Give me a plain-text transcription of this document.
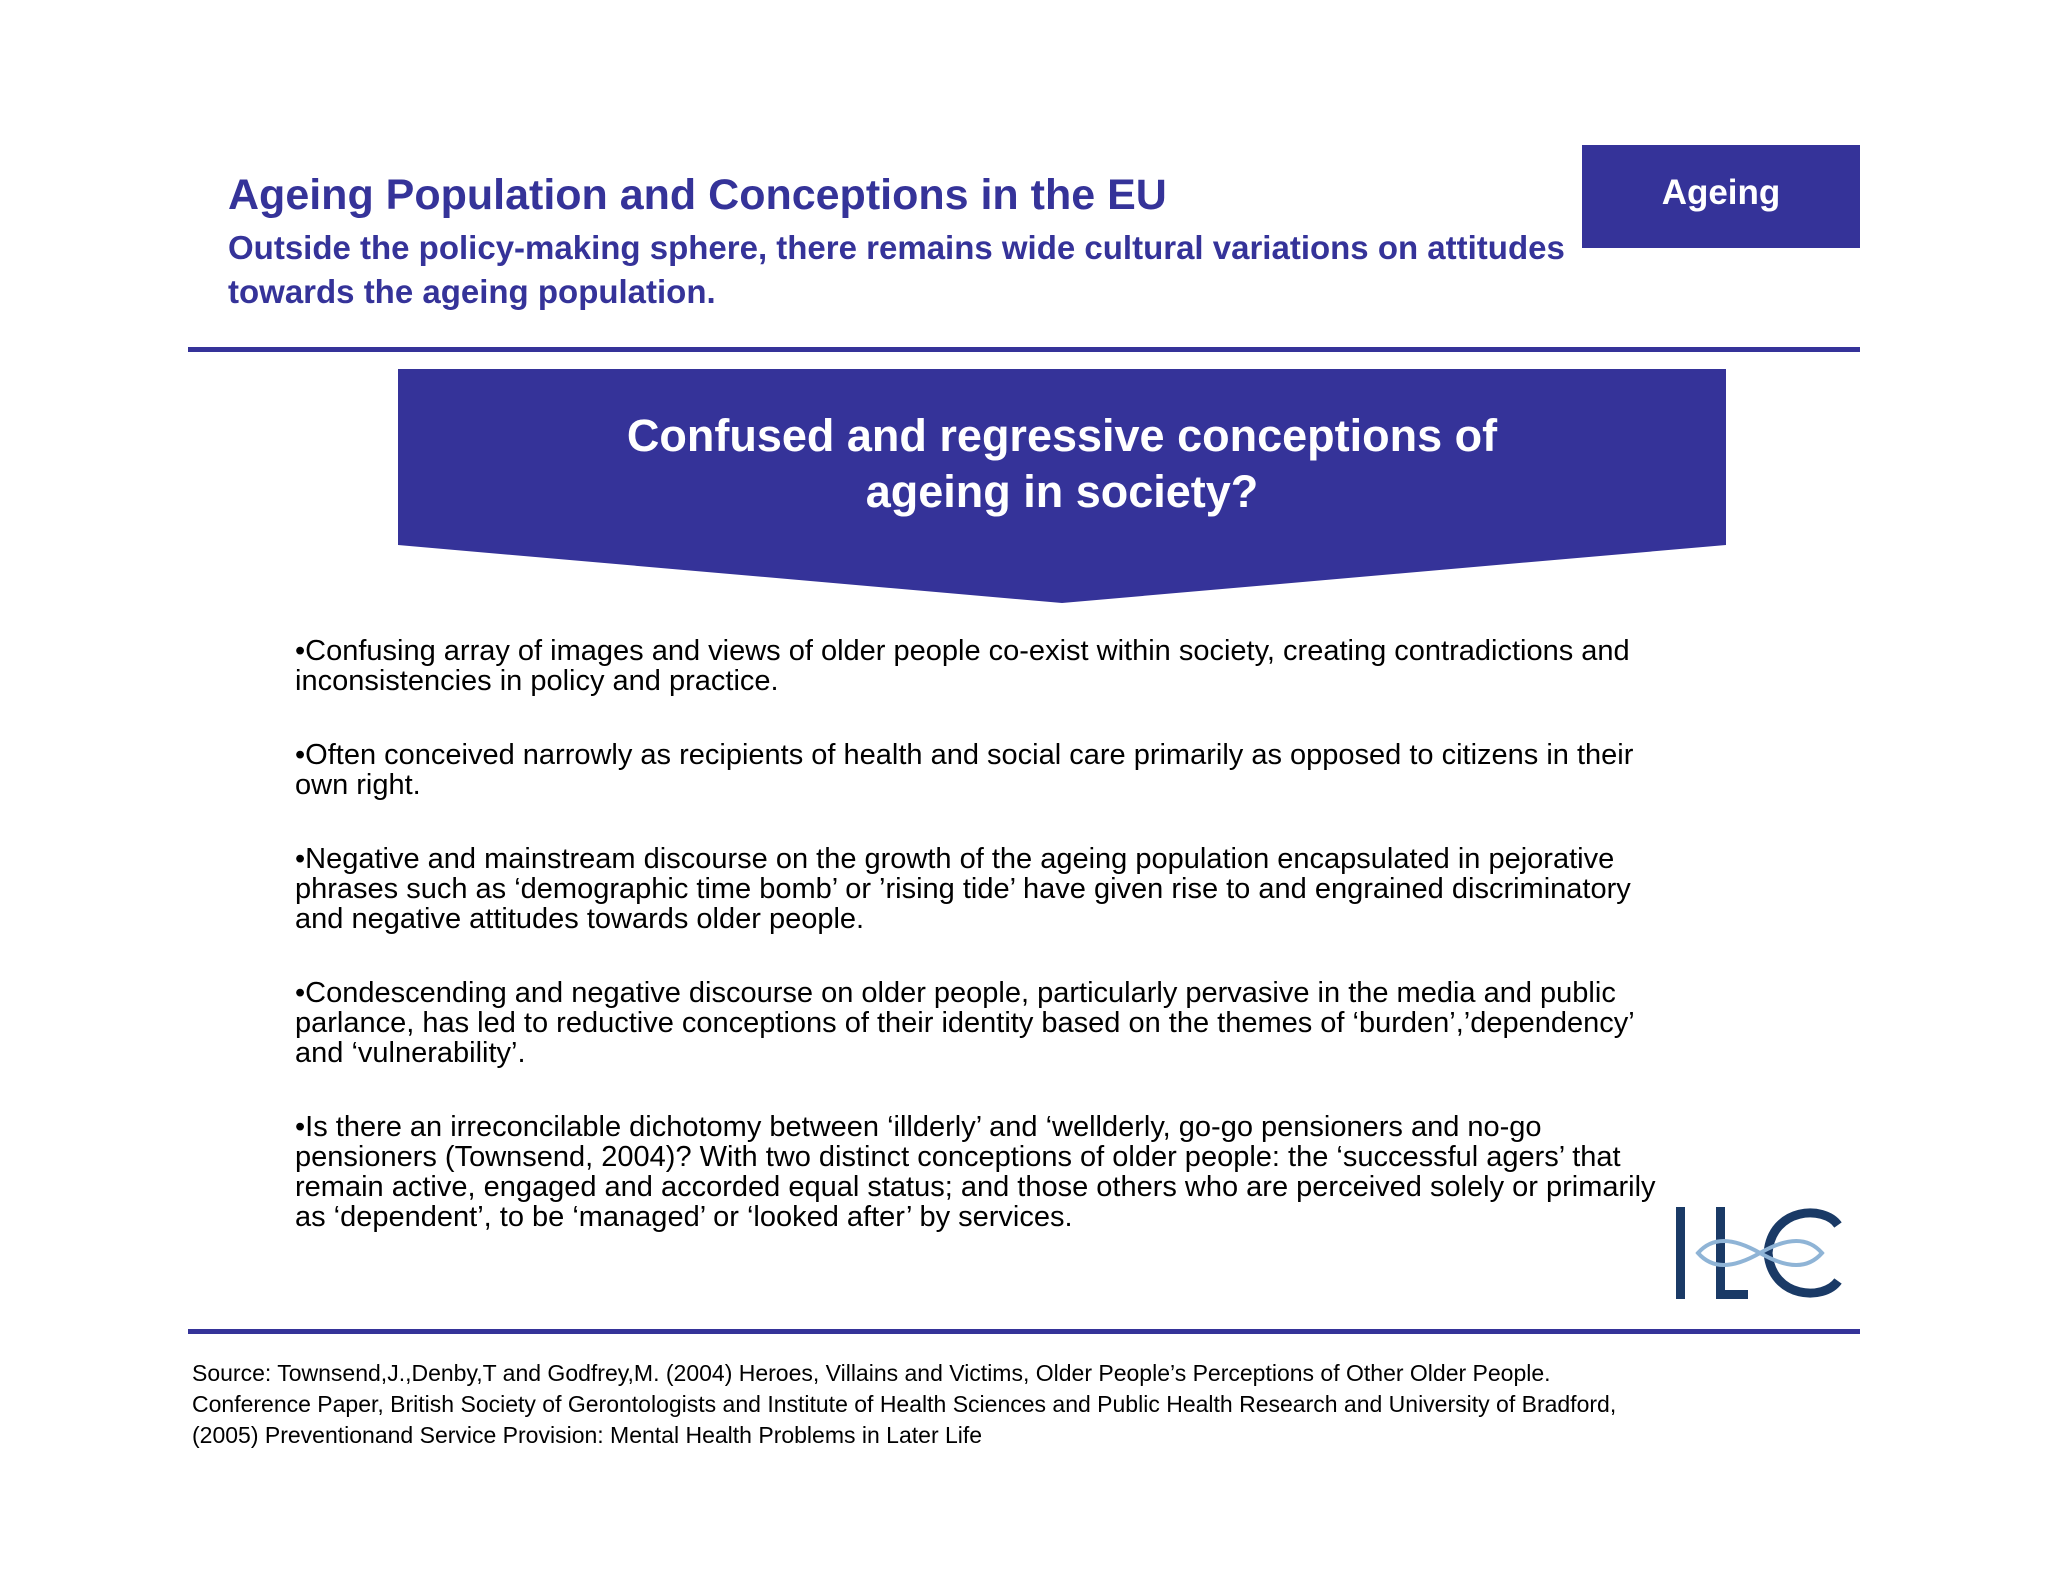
Ageing Population and Conceptions in the EU

Outside the policy-making sphere, there remains wide cultural variations on attitudes towards the ageing population.

Ageing
Confused and regressive conceptions of
ageing in society?
•Confusing array of images and views of older people co-exist within society, creating contradictions and inconsistencies in policy and practice.
•Often conceived narrowly as recipients of health and social care primarily as opposed to citizens in their own right.
•Negative and mainstream discourse on the growth of the ageing population encapsulated in pejorative phrases such as ‘demographic time bomb’ or ’rising tide’ have given rise to and engrained discriminatory and negative attitudes towards older people.
•Condescending and negative discourse on older people, particularly pervasive in the media and public parlance, has led to reductive conceptions of their identity based on the themes of ‘burden’,’dependency’ and ‘vulnerability’.
•Is there an irreconcilable dichotomy between ‘illderly’ and ‘wellderly, go-go pensioners and no-go pensioners (Townsend, 2004)? With two distinct conceptions of older people: the ‘successful agers’ that remain active, engaged and accorded equal status; and those others who are perceived solely or primarily as ‘dependent’, to be ‘managed’ or ‘looked after’ by services.

Source: Townsend,J.,Denby,T and Godfrey,M. (2004) Heroes, Villains and Victims, Older People’s Perceptions of Other Older People.

Conference Paper, British Society of Gerontologists and Institute of Health Sciences and Public Health Research and University of Bradford,

(2005) Preventionand Service Provision: Mental Health Problems in Later Life
